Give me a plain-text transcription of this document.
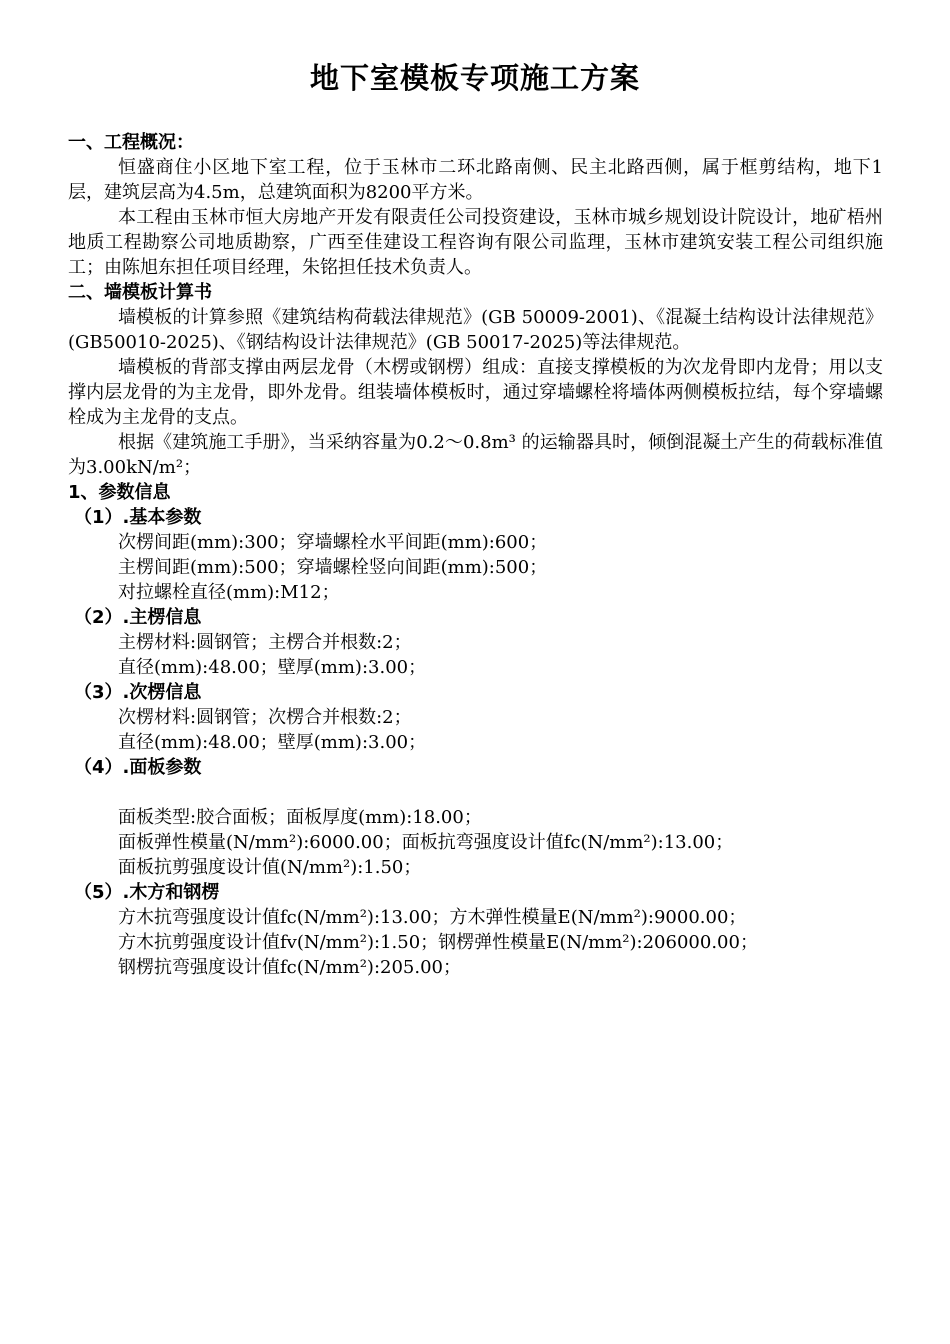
地下室模板专项施工方案
一、工程概况：

恒盛商住小区地下室工程，位于玉林市二环北路南侧、民主北路西侧，属于框剪结构，地下1层，建筑层高为4.5m，总建筑面积为8200平方米。

本工程由玉林市恒大房地产开发有限责任公司投资建设，玉林市城乡规划设计院设计，地矿梧州地质工程勘察公司地质勘察，广西至佳建设工程咨询有限公司监理，玉林市建筑安装工程公司组织施工；由陈旭东担任项目经理，朱铭担任技术负责人。

二、墙模板计算书

墙模板的计算参照《建筑结构荷载法律规范》(GB 50009-2001)、《混凝土结构设计法律规范》(GB50010-2025)、《钢结构设计法律规范》(GB 50017-2025)等法律规范。

墙模板的背部支撑由两层龙骨（木楞或钢楞）组成：直接支撑模板的为次龙骨即内龙骨；用以支撑内层龙骨的为主龙骨，即外龙骨。组装墙体模板时，通过穿墙螺栓将墙体两侧模板拉结，每个穿墙螺栓成为主龙骨的支点。

根据《建筑施工手册》，当采纳容量为0.2～0.8m³ 的运输器具时，倾倒混凝土产生的荷载标准值为3.00kN/m²；

1、参数信息
（1）.基本参数
次楞间距(mm):300；穿墙螺栓水平间距(mm):600；
主楞间距(mm):500；穿墙螺栓竖向间距(mm):500；
对拉螺栓直径(mm):M12；
（2）.主楞信息
主楞材料:圆钢管；主楞合并根数:2；
直径(mm):48.00；壁厚(mm):3.00；
（3）.次楞信息
次楞材料:圆钢管；次楞合并根数:2；
直径(mm):48.00；壁厚(mm):3.00；
（4）.面板参数
面板类型:胶合面板；面板厚度(mm):18.00；
面板弹性模量(N/mm²):6000.00；面板抗弯强度设计值fc(N/mm²):13.00；
面板抗剪强度设计值(N/mm²):1.50；
（5）.木方和钢楞
方木抗弯强度设计值fc(N/mm²):13.00；方木弹性模量E(N/mm²):9000.00；
方木抗剪强度设计值fv(N/mm²):1.50；钢楞弹性模量E(N/mm²):206000.00；
钢楞抗弯强度设计值fc(N/mm²):205.00；
